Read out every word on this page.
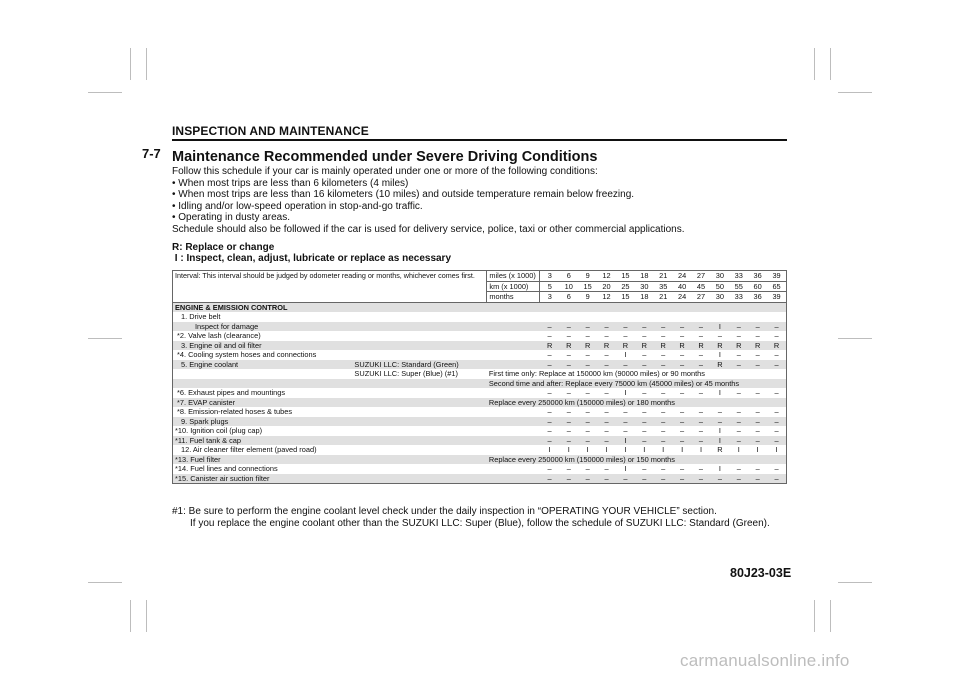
INSPECTION AND MAINTENANCE
7-7 Maintenance Recommended under Severe Driving Conditions

Follow this schedule if your car is mainly operated under one or more of the following conditions:

• When most trips are less than 6 kilometers (4 miles)
• When most trips are less than 16 kilometers (10 miles) and outside temperature remain below freezing.
• Idling and/or low-speed operation in stop-and-go traffic.
• Operating in dusty areas.

Schedule should also be followed if the car is used for delivery service, police, taxi or other commercial applications.

R: Replace or change
I : Inspect, clean, adjust, lubricate or replace as necessary
Interval: This interval should be judged by odometer reading or months, whichever comes first.		miles (x 1000)	3	6	9	12	15	18	21	24	27	30	33	36	39
		km (x 1000)	5	10	15	20	25	30	35	40	45	50	55	60	65
		months	3	6	9	12	15	18	21	24	27	30	33	36	39
ENGINE & EMISSION CONTROL															
1. Drive belt															
Inspect for damage			–	–	–	–	–	–	–	–	–	I	–	–	–
*2. Valve lash (clearance)			–	–	–	–	–	–	–	–	–	–	–	–	–
3. Engine oil and oil filter			R	R	R	R	R	R	R	R	R	R	R	R	R
*4. Cooling system hoses and connections			–	–	–	–	I	–	–	–	–	I	–	–	–
5. Engine coolant	SUZUKI LLC: Standard (Green)		–	–	–	–	–	–	–	–	–	R	–	–	–
	SUZUKI LLC: Super (Blue) (#1)	First time only: Replace at 150000 km (90000 miles) or 90 months													
		Second time and after: Replace every 75000 km (45000 miles) or 45 months													
*6. Exhaust pipes and mountings			–	–	–	–	I	–	–	–	–	I	–	–	–
*7. EVAP canister		Replace every 250000 km (150000 miles) or 180 months													
*8. Emission-related hoses & tubes			–	–	–	–	–	–	–	–	–	–	–	–	–
9. Spark plugs			–	–	–	–	–	–	–	–	–	–	–	–	–
*10. Ignition coil (plug cap)			–	–	–	–	–	–	–	–	–	I	–	–	–
*11. Fuel tank & cap			–	–	–	–	I	–	–	–	–	I	–	–	–
12. Air cleaner filter element (paved road)			I	I	I	I	I	I	I	I	I	R	I	I	I
*13. Fuel filter		Replace every 250000 km (150000 miles) or 150 months													
*14. Fuel lines and connections			–	–	–	–	I	–	–	–	–	I	–	–	–
*15. Canister air suction filter			–	–	–	–	–	–	–	–	–	–	–	–	–
#1: Be sure to perform the engine coolant level check under the daily inspection in “OPERATING YOUR VEHICLE” section.
If you replace the engine coolant other than the SUZUKI LLC: Super (Blue), follow the schedule of SUZUKI LLC: Standard (Green).
80J23-03E
carmanualsonline.info
